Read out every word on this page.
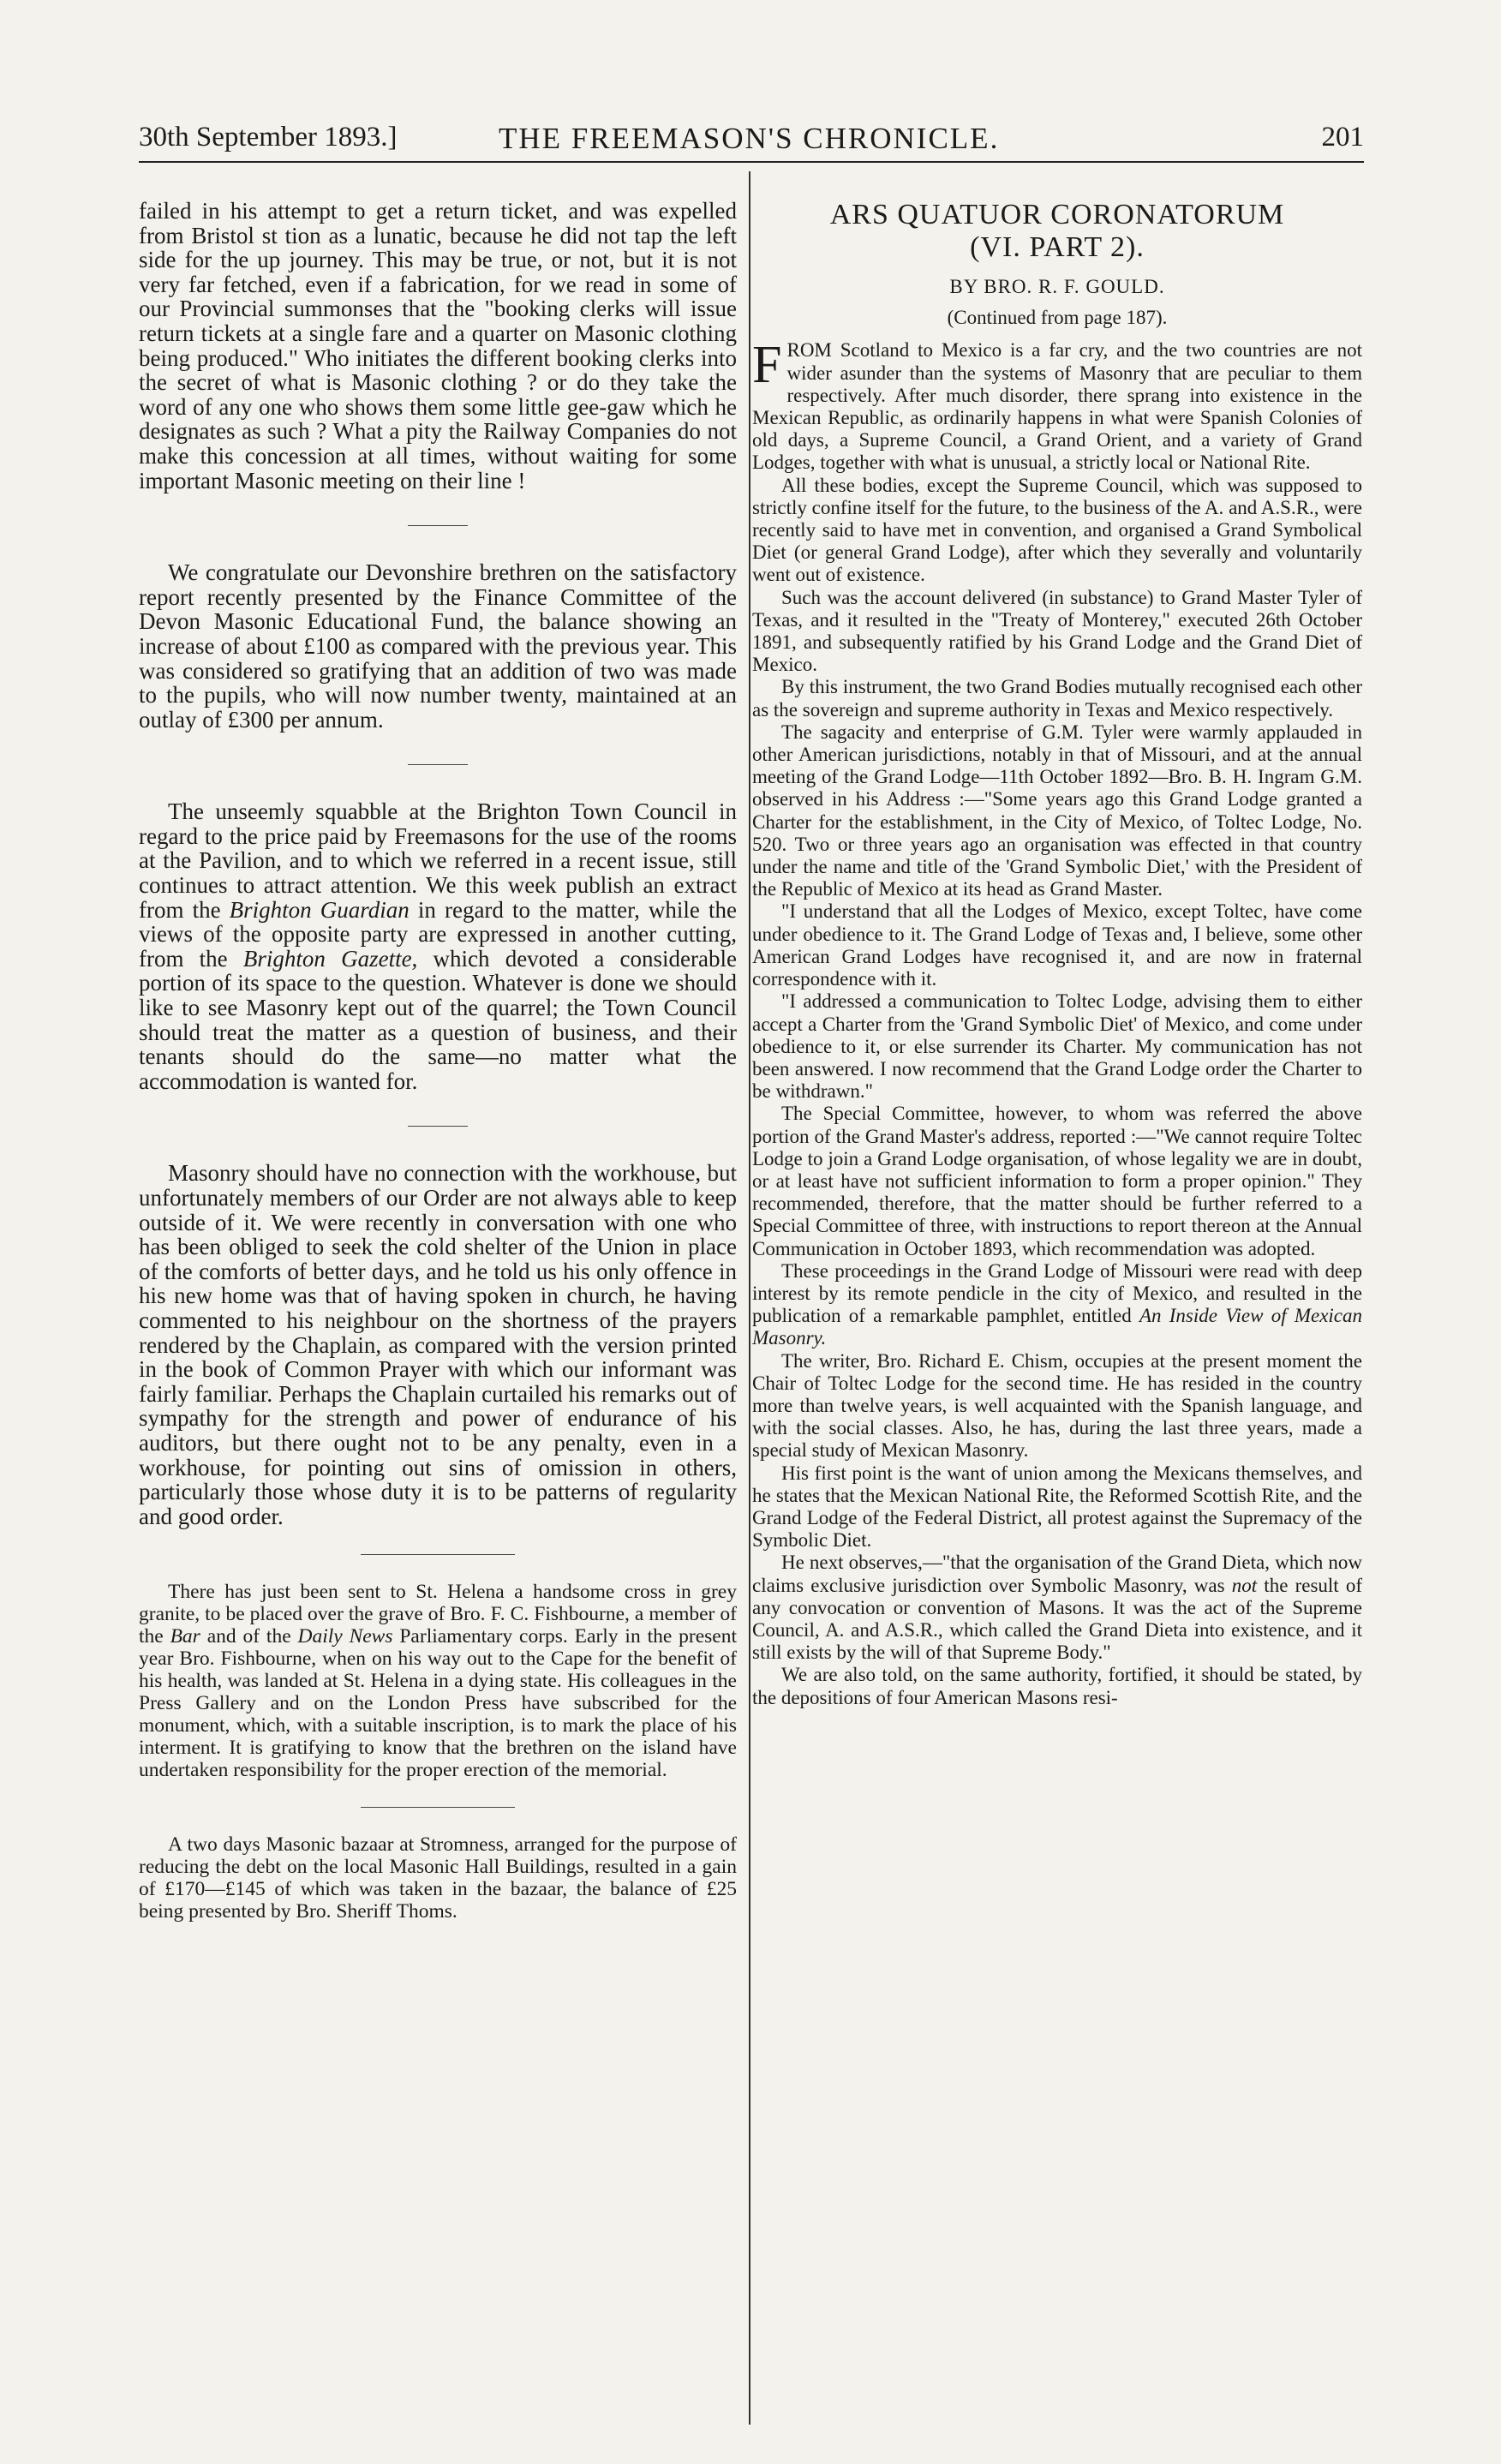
30th September 1893.]	THE FREEMASON'S CHRONICLE.	201

failed in his attempt to get a return ticket, and was expelled from Bristol st tion as a lunatic, because he did not tap the left side for the up journey. This may be true, or not, but it is not very far fetched, even if a fabrication, for we read in some of our Provincial summonses that the "booking clerks will issue return tickets at a single fare and a quarter on Masonic clothing being produced." Who initiates the different booking clerks into the secret of what is Masonic clothing ? or do they take the word of any one who shows them some little gee-gaw which he designates as such ? What a pity the Railway Companies do not make this concession at all times, without waiting for some important Masonic meeting on their line !

We congratulate our Devonshire brethren on the satisfactory report recently presented by the Finance Committee of the Devon Masonic Educational Fund, the balance showing an increase of about £100 as compared with the previous year. This was considered so gratifying that an addition of two was made to the pupils, who will now number twenty, maintained at an outlay of £300 per annum.

The unseemly squabble at the Brighton Town Council in regard to the price paid by Freemasons for the use of the rooms at the Pavilion, and to which we referred in a recent issue, still continues to attract attention. We this week publish an extract from the Brighton Guardian in regard to the matter, while the views of the opposite party are expressed in another cutting, from the Brighton Gazette, which devoted a considerable portion of its space to the question. Whatever is done we should like to see Masonry kept out of the quarrel; the Town Council should treat the matter as a question of business, and their tenants should do the same—no matter what the accommodation is wanted for.

Masonry should have no connection with the workhouse, but unfortunately members of our Order are not always able to keep outside of it. We were recently in conversation with one who has been obliged to seek the cold shelter of the Union in place of the comforts of better days, and he told us his only offence in his new home was that of having spoken in church, he having commented to his neighbour on the shortness of the prayers rendered by the Chaplain, as compared with the version printed in the book of Common Prayer with which our informant was fairly familiar. Perhaps the Chaplain curtailed his remarks out of sympathy for the strength and power of endurance of his auditors, but there ought not to be any penalty, even in a workhouse, for pointing out sins of omission in others, particularly those whose duty it is to be patterns of regularity and good order.

There has just been sent to St. Helena a handsome cross in grey granite, to be placed over the grave of Bro. F. C. Fishbourne, a member of the Bar and of the Daily News Parliamentary corps. Early in the present year Bro. Fishbourne, when on his way out to the Cape for the benefit of his health, was landed at St. Helena in a dying state. His colleagues in the Press Gallery and on the London Press have subscribed for the monument, which, with a suitable inscription, is to mark the place of his interment. It is gratifying to know that the brethren on the island have undertaken responsibility for the proper erection of the memorial.

A two days Masonic bazaar at Stromness, arranged for the purpose of reducing the debt on the local Masonic Hall Buildings, resulted in a gain of £170—£145 of which was taken in the bazaar, the balance of £25 being presented by Bro. Sheriff Thoms.

ARS QUATUOR CORONATORUM
(VI. PART 2).
BY BRO. R. F. GOULD.
(Continued from page 187).

FROM Scotland to Mexico is a far cry, and the two countries are not wider asunder than the systems of Masonry that are peculiar to them respectively. After much disorder, there sprang into existence in the Mexican Republic, as ordinarily happens in what were Spanish Colonies of old days, a Supreme Council, a Grand Orient, and a variety of Grand Lodges, together with what is unusual, a strictly local or National Rite.

All these bodies, except the Supreme Council, which was supposed to strictly confine itself for the future, to the business of the A. and A.S.R., were recently said to have met in convention, and organised a Grand Symbolical Diet (or general Grand Lodge), after which they severally and voluntarily went out of existence.

Such was the account delivered (in substance) to Grand Master Tyler of Texas, and it resulted in the "Treaty of Monterey," executed 26th October 1891, and subsequently ratified by his Grand Lodge and the Grand Diet of Mexico.

By this instrument, the two Grand Bodies mutually recognised each other as the sovereign and supreme authority in Texas and Mexico respectively.

The sagacity and enterprise of G.M. Tyler were warmly applauded in other American jurisdictions, notably in that of Missouri, and at the annual meeting of the Grand Lodge—11th October 1892—Bro. B. H. Ingram G.M. observed in his Address :—"Some years ago this Grand Lodge granted a Charter for the establishment, in the City of Mexico, of Toltec Lodge, No. 520. Two or three years ago an organisation was effected in that country under the name and title of the 'Grand Symbolic Diet,' with the President of the Republic of Mexico at its head as Grand Master.

"I understand that all the Lodges of Mexico, except Toltec, have come under obedience to it. The Grand Lodge of Texas and, I believe, some other American Grand Lodges have recognised it, and are now in fraternal correspondence with it.

"I addressed a communication to Toltec Lodge, advising them to either accept a Charter from the 'Grand Symbolic Diet' of Mexico, and come under obedience to it, or else surrender its Charter. My communication has not been answered. I now recommend that the Grand Lodge order the Charter to be withdrawn."

The Special Committee, however, to whom was referred the above portion of the Grand Master's address, reported :—"We cannot require Toltec Lodge to join a Grand Lodge organisation, of whose legality we are in doubt, or at least have not sufficient information to form a proper opinion." They recommended, therefore, that the matter should be further referred to a Special Committee of three, with instructions to report thereon at the Annual Communication in October 1893, which recommendation was adopted.

These proceedings in the Grand Lodge of Missouri were read with deep interest by its remote pendicle in the city of Mexico, and resulted in the publication of a remarkable pamphlet, entitled An Inside View of Mexican Masonry.

The writer, Bro. Richard E. Chism, occupies at the present moment the Chair of Toltec Lodge for the second time. He has resided in the country more than twelve years, is well acquainted with the Spanish language, and with the social classes. Also, he has, during the last three years, made a special study of Mexican Masonry.

His first point is the want of union among the Mexicans themselves, and he states that the Mexican National Rite, the Reformed Scottish Rite, and the Grand Lodge of the Federal District, all protest against the Supremacy of the Symbolic Diet.

He next observes,—"that the organisation of the Grand Dieta, which now claims exclusive jurisdiction over Symbolic Masonry, was not the result of any convocation or convention of Masons. It was the act of the Supreme Council, A. and A.S.R., which called the Grand Dieta into existence, and it still exists by the will of that Supreme Body."

We are also told, on the same authority, fortified, it should be stated, by the depositions of four American Masons resi-
